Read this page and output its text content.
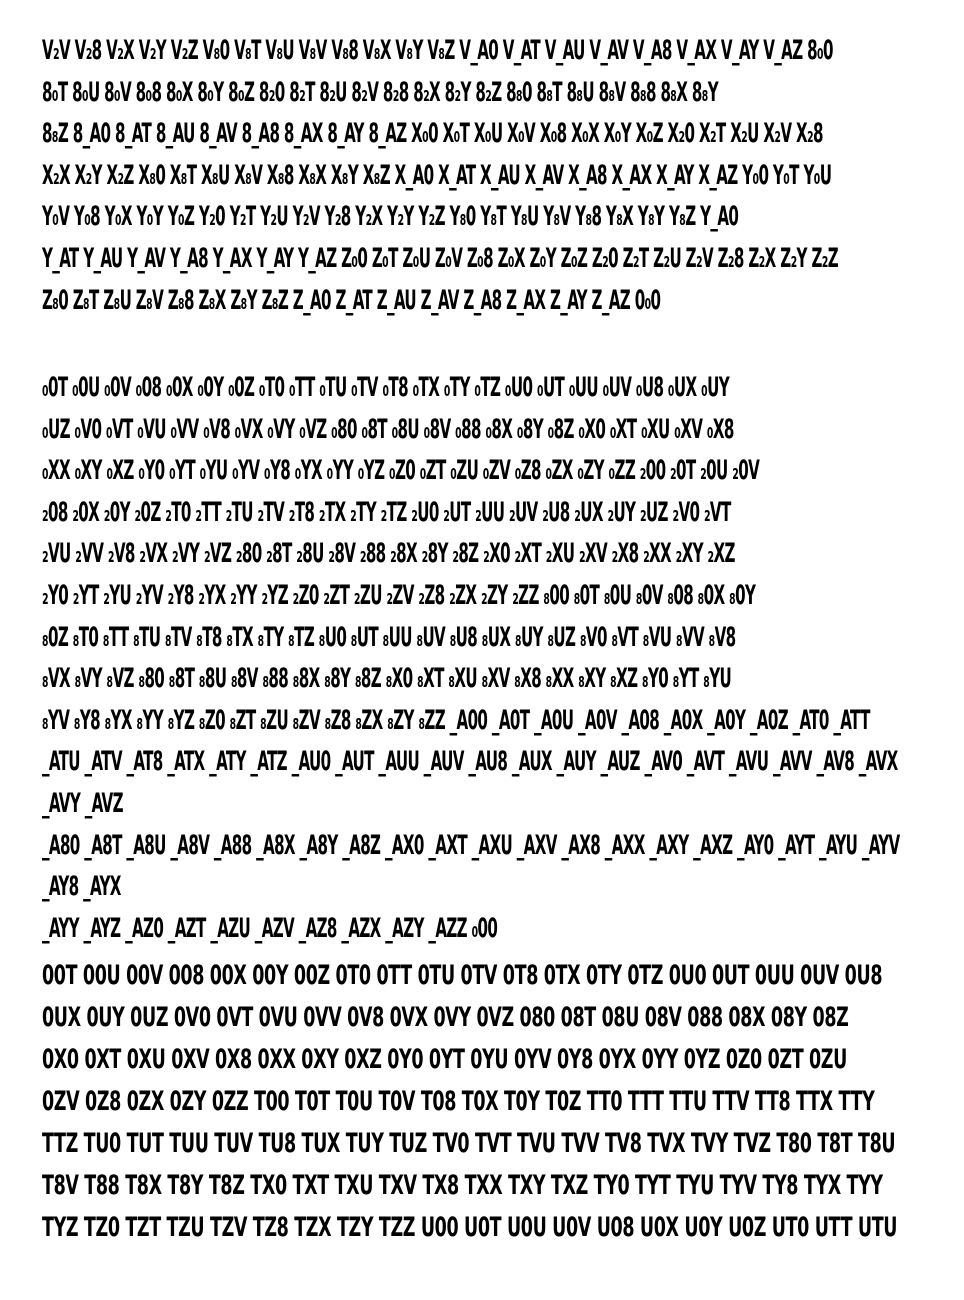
V₂V V₂8 V₂X V₂Y V₂Z V₈0 V₈T V₈U V₈V V₈8 V₈X V₈Y V₈Z V_A0 V_AT V_AU V_AV V_A8 V_AX V_AY V_AZ 8₀0
8₀T 8₀U 8₀V 8₀8 8₀X 8₀Y 8₀Z 8₂0 8₂T 8₂U 8₂V 8₂8 8₂X 8₂Y 8₂Z 8₈0 8₈T 8₈U 8₈V 8₈8 8₈X 8₈Y
8₈Z 8_A0 8_AT 8_AU 8_AV 8_A8 8_AX 8_AY 8_AZ X₀0 X₀T X₀U X₀V X₀8 X₀X X₀Y X₀Z X₂0 X₂T X₂U X₂V X₂8
X₂X X₂Y X₂Z X₈0 X₈T X₈U X₈V X₈8 X₈X X₈Y X₈Z X_A0 X_AT X_AU X_AV X_A8 X_AX X_AY X_AZ Y₀0 Y₀T Y₀U
Y₀V Y₀8 Y₀X Y₀Y Y₀Z Y₂0 Y₂T Y₂U Y₂V Y₂8 Y₂X Y₂Y Y₂Z Y₈0 Y₈T Y₈U Y₈V Y₈8 Y₈X Y₈Y Y₈Z Y_A0
Y_AT Y_AU Y_AV Y_A8 Y_AX Y_AY Y_AZ Z₀0 Z₀T Z₀U Z₀V Z₀8 Z₀X Z₀Y Z₀Z Z₂0 Z₂T Z₂U Z₂V Z₂8 Z₂X Z₂Y Z₂Z
Z₈0 Z₈T Z₈U Z₈V Z₈8 Z₈X Z₈Y Z₈Z Z_A0 Z_AT Z_AU Z_AV Z_A8 Z_AX Z_AY Z_AZ 0₀0

₀0T ₀0U ₀0V ₀08 ₀0X ₀0Y ₀0Z ₀T0 ₀TT ₀TU ₀TV ₀T8 ₀TX ₀TY ₀TZ ₀U0 ₀UT ₀UU ₀UV ₀U8 ₀UX ₀UY
₀UZ ₀V0 ₀VT ₀VU ₀VV ₀V8 ₀VX ₀VY ₀VZ ₀80 ₀8T ₀8U ₀8V ₀88 ₀8X ₀8Y ₀8Z ₀X0 ₀XT ₀XU ₀XV ₀X8
₀XX ₀XY ₀XZ ₀Y0 ₀YT ₀YU ₀YV ₀Y8 ₀YX ₀YY ₀YZ ₀Z0 ₀ZT ₀ZU ₀ZV ₀Z8 ₀ZX ₀ZY ₀ZZ ₂00 ₂0T ₂0U ₂0V
₂08 ₂0X ₂0Y ₂0Z ₂T0 ₂TT ₂TU ₂TV ₂T8 ₂TX ₂TY ₂TZ ₂U0 ₂UT ₂UU ₂UV ₂U8 ₂UX ₂UY ₂UZ ₂V0 ₂VT
₂VU ₂VV ₂V8 ₂VX ₂VY ₂VZ ₂80 ₂8T ₂8U ₂8V ₂88 ₂8X ₂8Y ₂8Z ₂X0 ₂XT ₂XU ₂XV ₂X8 ₂XX ₂XY ₂XZ
₂Y0 ₂YT ₂YU ₂YV ₂Y8 ₂YX ₂YY ₂YZ ₂Z0 ₂ZT ₂ZU ₂ZV ₂Z8 ₂ZX ₂ZY ₂ZZ ₈00 ₈0T ₈0U ₈0V ₈08 ₈0X ₈0Y
₈0Z ₈T0 ₈TT ₈TU ₈TV ₈T8 ₈TX ₈TY ₈TZ ₈U0 ₈UT ₈UU ₈UV ₈U8 ₈UX ₈UY ₈UZ ₈V0 ₈VT ₈VU ₈VV ₈V8
₈VX ₈VY ₈VZ ₈80 ₈8T ₈8U ₈8V ₈88 ₈8X ₈8Y ₈8Z ₈X0 ₈XT ₈XU ₈XV ₈X8 ₈XX ₈XY ₈XZ ₈Y0 ₈YT ₈YU
₈YV ₈Y8 ₈YX ₈YY ₈YZ ₈Z0 ₈ZT ₈ZU ₈ZV ₈Z8 ₈ZX ₈ZY ₈ZZ _A00 _A0T _A0U _A0V _A08 _A0X _A0Y _A0Z _AT0 _ATT
_ATU _ATV _AT8 _ATX _ATY _ATZ _AU0 _AUT _AUU _AUV _AU8 _AUX _AUY _AUZ _AV0 _AVT _AVU _AVV _AV8 _AVX _AVY _AVZ
_A80 _A8T _A8U _A8V _A88 _A8X _A8Y _A8Z _AX0 _AXT _AXU _AXV _AX8 _AXX _AXY _AXZ _AY0 _AYT _AYU _AYV _AY8 _AYX
_AYY _AYZ _AZ0 _AZT _AZU _AZV _AZ8 _AZX _AZY _AZZ ₀00

00T 00U 00V 008 00X 00Y 00Z 0T0 0TT 0TU 0TV 0T8 0TX 0TY 0TZ 0U0 0UT 0UU 0UV 0U8
0UX 0UY 0UZ 0V0 0VT 0VU 0VV 0V8 0VX 0VY 0VZ 080 08T 08U 08V 088 08X 08Y 08Z
0X0 0XT 0XU 0XV 0X8 0XX 0XY 0XZ 0Y0 0YT 0YU 0YV 0Y8 0YX 0YY 0YZ 0Z0 0ZT 0ZU
0ZV 0Z8 0ZX 0ZY 0ZZ T00 T0T T0U T0V T08 T0X T0Y T0Z TT0 TTT TTU TTV TT8 TTX TTY
TTZ TU0 TUT TUU TUV TU8 TUX TUY TUZ TV0 TVT TVU TVV TV8 TVX TVY TVZ T80 T8T T8U
T8V T88 T8X T8Y T8Z TX0 TXT TXU TXV TX8 TXX TXY TXZ TY0 TYT TYU TYV TY8 TYX TYY
TYZ TZ0 TZT TZU TZV TZ8 TZX TZY TZZ U00 U0T U0U U0V U08 U0X U0Y U0Z UT0 UTT UTU
